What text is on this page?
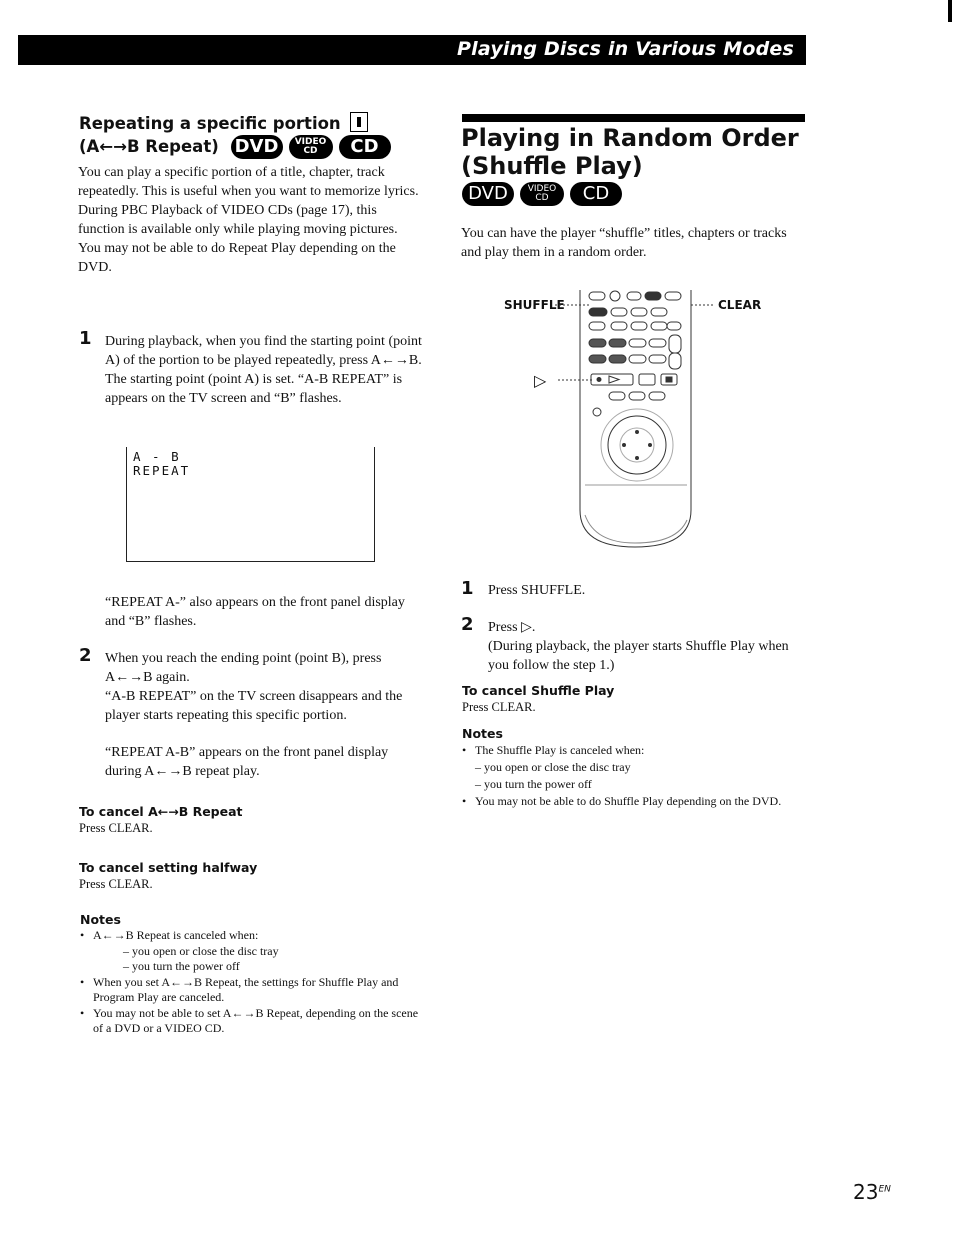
Playing Discs in Various Modes
Repeating a specific portion
(A←→B Repeat) DVD VIDEO
CD CD
You can play a specific portion of a title, chapter, track repeatedly. This is useful when you want to memorize lyrics.
During PBC Playback of VIDEO CDs (page 17), this function is available only while playing moving pictures.
You may not be able to do Repeat Play depending on the DVD.
1 During playback, when you find the starting point (point A) of the portion to be played repeatedly, press A←→B.
The starting point (point A) is set. “A-B REPEAT” is appears on the TV screen and “B” flashes.
A - B
REPEAT
“REPEAT A-” also appears on the front panel display and “B” flashes.
2 When you reach the ending point (point B), press A←→B again.
“A-B REPEAT” on the TV screen disappears and the player starts repeating this specific portion.
“REPEAT A-B” appears on the front panel display during A←→B repeat play.
To cancel A←→B Repeat
Press CLEAR.
To cancel setting halfway
Press CLEAR.
Notes
• A←→B Repeat is canceled when:
– you open or close the disc tray
– you turn the power off
• When you set A←→B Repeat, the settings for Shuffle Play and Program Play are canceled.
• You may not be able to set A←→B Repeat, depending on the scene of a DVD or a VIDEO CD.
Playing in Random Order
(Shuffle Play)
DVD VIDEO
CD CD
You can have the player “shuffle” titles, chapters or tracks and play them in a random order.
SHUFFLE	CLEAR
▷
1 Press SHUFFLE.
2 Press ▷.
(During playback, the player starts Shuffle Play when you follow the step 1.)
To cancel Shuffle Play
Press CLEAR.
Notes
• The Shuffle Play is canceled when:
– you open or close the disc tray
– you turn the power off
• You may not be able to do Shuffle Play depending on the DVD.
$23^{EN}$
